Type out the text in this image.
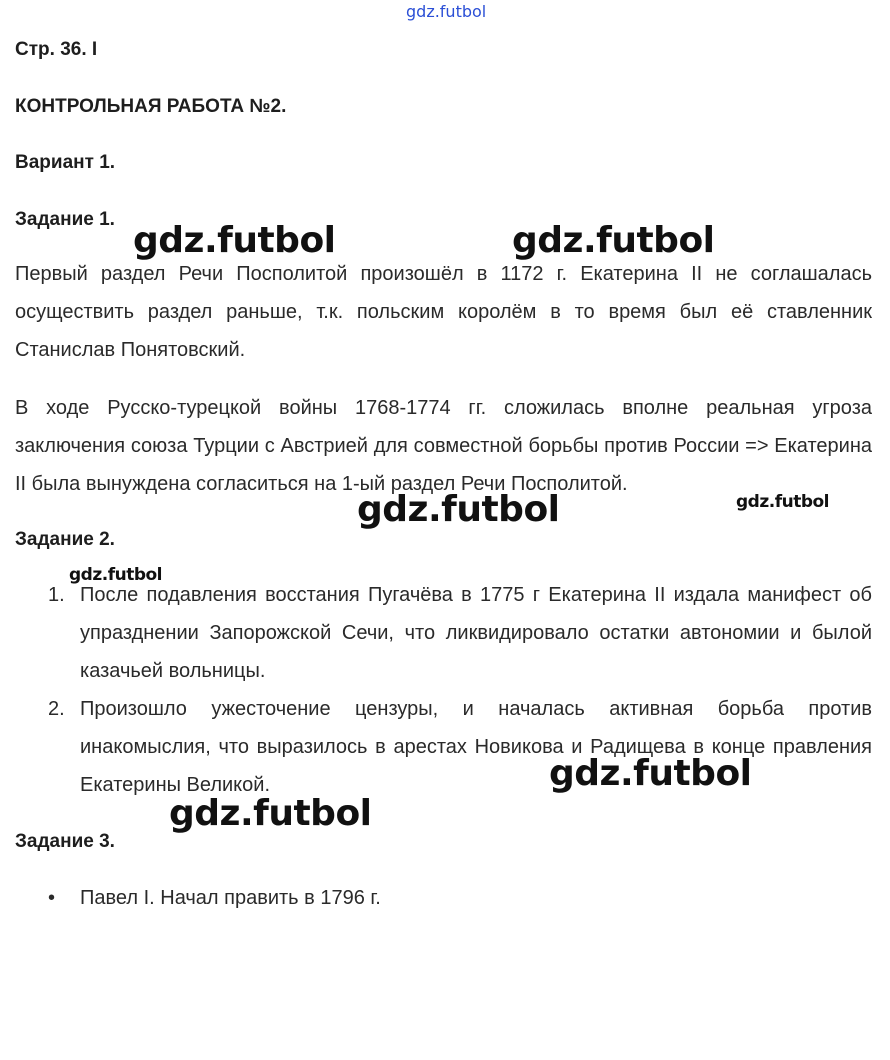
Стр. 36. I
КОНТРОЛЬНАЯ РАБОТА №2.
Вариант 1.
Задание 1.
Первый раздел Речи Посполитой произошёл в 1172 г. Екатерина II не соглашалась осуществить раздел раньше, т.к. польским королём в то время был её ставленник Станислав Понятовский.
В ходе Русско-турецкой войны 1768-1774 гг. сложилась вполне реальная угроза заключения союза Турции с Австрией для совместной борьбы против России => Екатерина II была вынуждена согласиться на 1-ый раздел Речи Посполитой.
Задание 2.
1. После подавления восстания Пугачёва в 1775 г Екатерина II издала манифест об упразднении Запорожской Сечи, что ликвидировало остатки автономии и былой казачьей вольницы.
2. Произошло ужесточение цензуры, и началась активная борьба против инакомыслия, что выразилось в арестах Новикова и Радищева в конце правления Екатерины Великой.
Задание 3.
• Павел I. Начал править в 1796 г.
gdz.futbol
gdz.futbol	gdz.futbol
gdz.futbol	gdz.futbol
gdz.futbol
gdz.futbol
gdz.futbol
